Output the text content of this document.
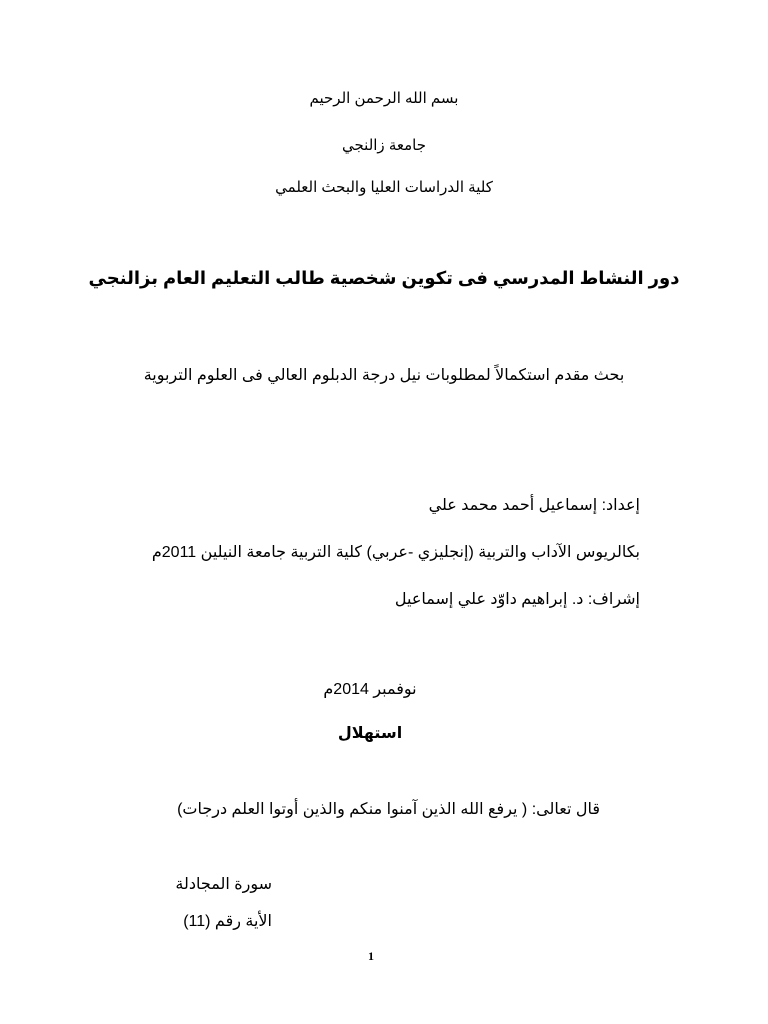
بسم الله الرحمن الرحيم
جامعة زالنجي
كلية الدراسات العليا والبحث العلمي
دور النشاط المدرسي فى تكوين شخصية طالب التعليم العام بزالنجي
بحث مقدم استكمالاً لمطلوبات نيل درجة الدبلوم العالي فى العلوم التربوية
إعداد: إسماعيل أحمد محمد علي
بكالريوس الآداب والتربية (إنجليزي -عربي) كلية التربية جامعة النيلين 2011م
إشراف: د. إبراهيم داوّد علي إسماعيل
نوفمبر 2014م
استهلال
قال تعالى: ( يرفع الله الذين آمنوا منكم والذين أوتوا العلم درجات)
سورة المجادلة
الأية رقم (11)
1
